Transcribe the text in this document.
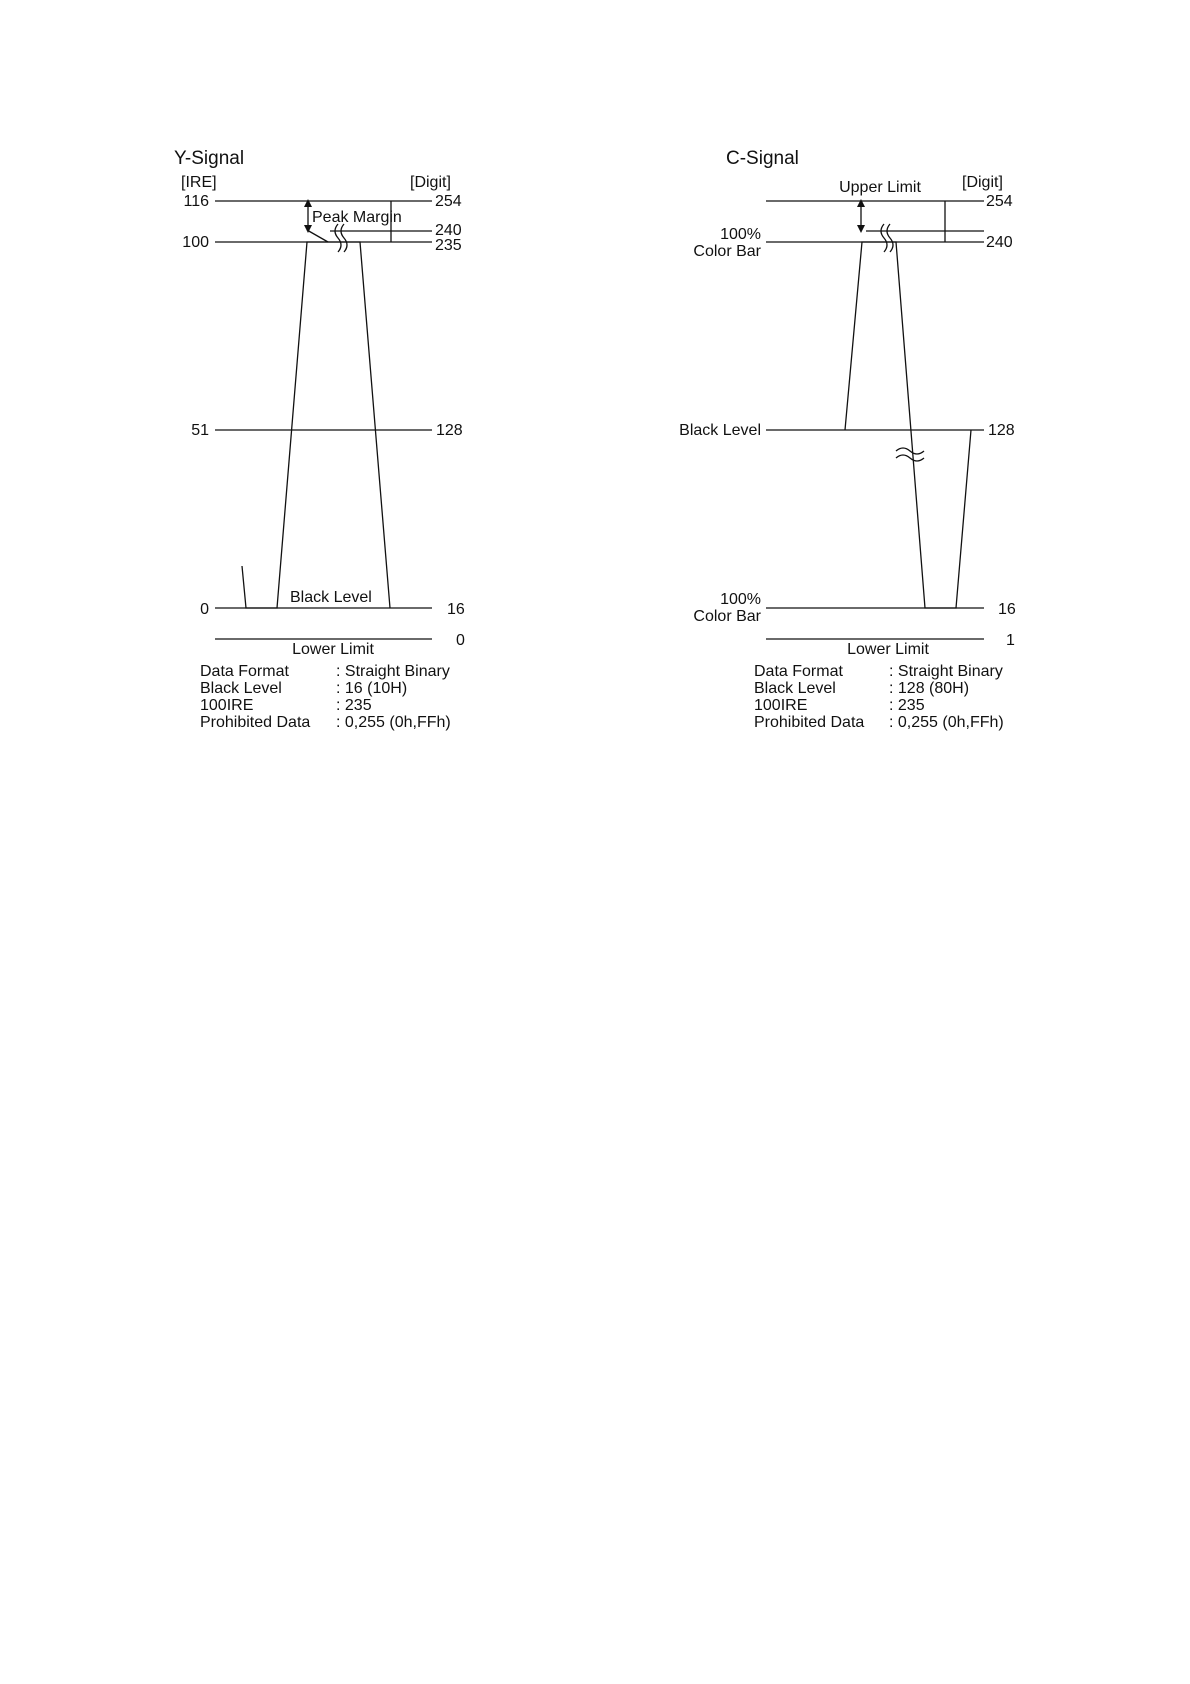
Y-Signal
[IRE]	[Digit]
116
100
51
0
254
240
235
128
16
0
Peak Margin
Black Level
Lower Limit
Data Format	: Straight Binary
Black Level	: 16 (10H)
100IRE	: 235
Prohibited Data : 0,255 (0h,FFh)
C-Signal
[Digit]
Upper Limit
100%
Color Bar
Black Level
100%
Color Bar
254
240
128
16
1
Lower Limit
Data Format	: Straight Binary
Black Level	: 128 (80H)
100IRE	: 235
Prohibited Data : 0,255 (0h,FFh)
